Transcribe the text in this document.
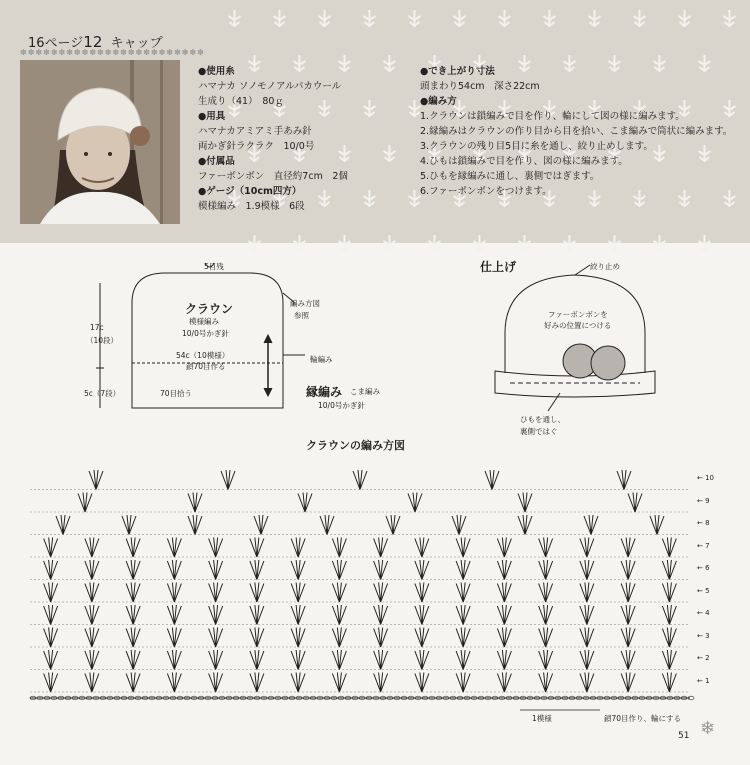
16ページ12 キャップ
✽✽✽✽✽✽✽✽✽✽✽✽✽✽✽✽✽✽✽✽✽✽✽✽
●使用糸
ハマナカ ソノモノアルパカウール
生成り（41）　80ｇ
●用具
ハマナカアミアミ手あみ針
両かぎ針ラクラク　10/0号
●付属品
ファーボンボン　直径約7cm　2個
●ゲージ（10cm四方）
模様編み　1.9模様　6段
●でき上がり寸法
頭まわり54cm　深さ22cm
●編み方
1.クラウンは鎖編みで目を作り、輪にして図の様に編みます。
2.縁編みはクラウンの作り目から目を拾い、こま編みで筒状に編みます。
3.クラウンの残り目5目に糸を通し、絞り止めします。
4.ひもは鎖編みで目を作り、図の様に編みます。
5.ひもを縁編みに通し、裏側ではぎます。
6.ファーボンボンをつけます。
5目残
クラウン
模様編み
10/0号かぎ針
17c
（10段）
54c（10模様）
鎖70目作る
5c（7段）	70目拾う
編み方図
参照
輪編み
縁編み こま編み
10/0号かぎ針
仕上げ	絞り止め
ファーボンボンを
好みの位置につける
ひもを通し、
裏側ではぐ
クラウンの編み方図
← 10
← 9
← 8
← 7
← 6
← 5
← 4
← 3
← 2
← 1
1模様	鎖70目作り、輪にする
51 ❄
